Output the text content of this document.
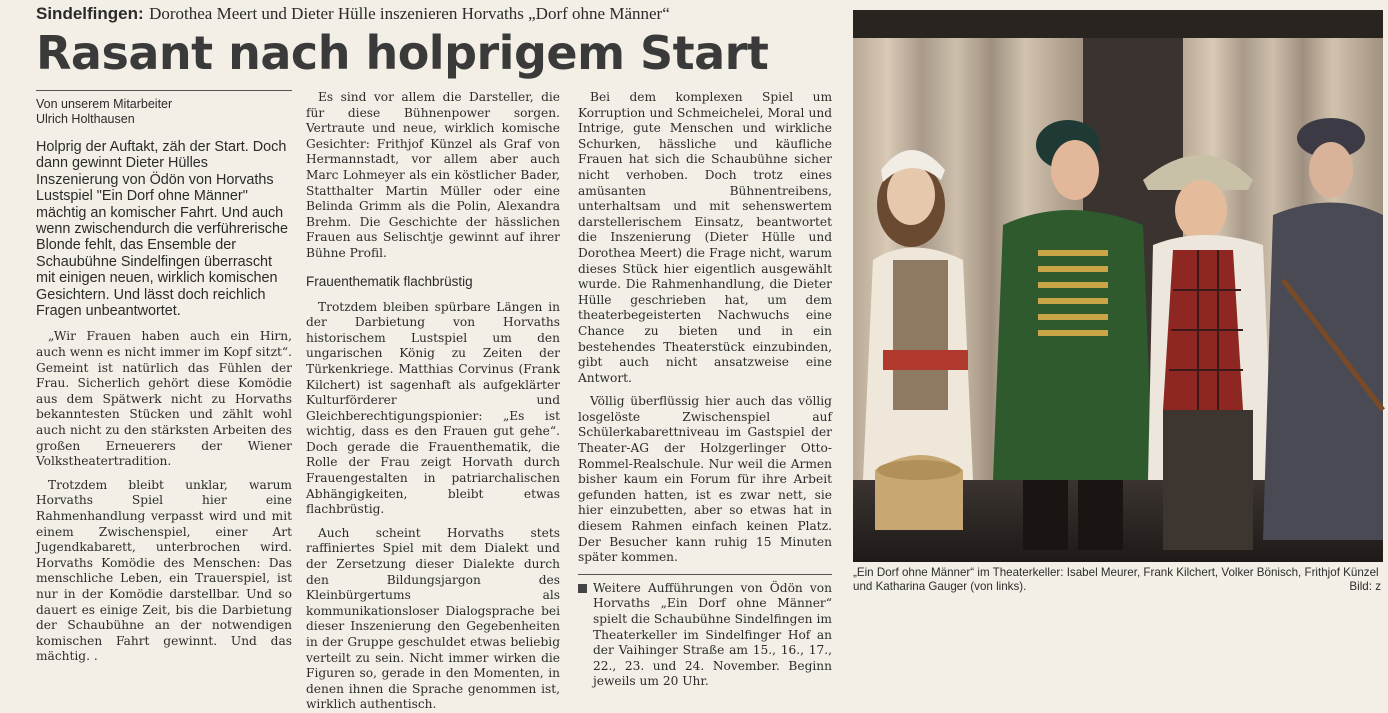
Sindelfingen: Dorothea Meert und Dieter Hülle inszenieren Horvaths „Dorf ohne Männer“
Rasant nach holprigem Start
Von unserem Mitarbeiter
Ulrich Holthausen
Holprig der Auftakt, zäh der Start. Doch dann gewinnt Dieter Hülles Inszenierung von Ödön von Horvaths Lustspiel "Ein Dorf ohne Männer" mächtig an komischer Fahrt. Und auch wenn zwischendurch die verführerische Blonde fehlt, das Ensemble der Schaubühne Sindelfingen überrascht mit einigen neuen, wirklich komischen Gesichtern. Und lässt doch reichlich Fragen unbeantwortet.

„Wir Frauen haben auch ein Hirn, auch wenn es nicht immer im Kopf sitzt“. Gemeint ist natürlich das Fühlen der Frau. Sicherlich gehört diese Komödie aus dem Spätwerk nicht zu Horvaths bekanntesten Stücken und zählt wohl auch nicht zu den stärksten Arbeiten des großen Erneuerers der Wiener Volkstheatertradition.

Trotzdem bleibt unklar, warum Horvaths Spiel hier eine Rahmenhandlung verpasst wird und mit einem Zwischenspiel, einer Art Jugendkabarett, unterbrochen wird. Horvaths Komödie des Menschen: Das menschliche Leben, ein Trauerspiel, ist nur in der Komödie darstellbar. Und so dauert es einige Zeit, bis die Darbietung der Schaubühne an der notwendigen komischen Fahrt gewinnt. Und das mächtig. .

Es sind vor allem die Darsteller, die für diese Bühnenpower sorgen. Vertraute und neue, wirklich komische Gesichter: Frithjof Künzel als Graf von Hermannstadt, vor allem aber auch Marc Lohmeyer als ein köstlicher Bader, Statthalter Martin Müller oder eine Belinda Grimm als die Polin, Alexandra Brehm. Die Geschichte der hässlichen Frauen aus Selischtje gewinnt auf ihrer Bühne Profil.

Frauenthematik flachbrüstig

Trotzdem bleiben spürbare Längen in der Darbietung von Horvaths historischem Lustspiel um den ungarischen König zu Zeiten der Türkenkriege. Matthias Corvinus (Frank Kilchert) ist sagenhaft als aufgeklärter Kulturförderer und Gleichberechtigungspionier: „Es ist wichtig, dass es den Frauen gut gehe“. Doch gerade die Frauenthematik, die Rolle der Frau zeigt Horvath durch Frauengestalten in patriarchalischen Abhängigkeiten, bleibt etwas flachbrüstig.

Auch scheint Horvaths stets raffiniertes Spiel mit dem Dialekt und der Zersetzung dieser Dialekte durch den Bildungsjargon des Kleinbürgertums als kommunikationsloser Dialogsprache bei dieser Inszenierung den Gegebenheiten in der Gruppe geschuldet etwas beliebig verteilt zu sein. Nicht immer wirken die Figuren so, gerade in den Momenten, in denen ihnen die Sprache genommen ist, wirklich authentisch.

Bei dem komplexen Spiel um Korruption und Schmeichelei, Moral und Intrige, gute Menschen und wirkliche Schurken, hässliche und käufliche Frauen hat sich die Schaubühne sicher nicht verhoben. Doch trotz eines amüsanten Bühnentreibens, unterhaltsam und mit sehenswertem darstellerischem Einsatz, beantwortet die Inszenierung (Dieter Hülle und Dorothea Meert) die Frage nicht, warum dieses Stück hier eigentlich ausgewählt wurde. Die Rahmenhandlung, die Dieter Hülle geschrieben hat, um dem theaterbegeisterten Nachwuchs eine Chance zu bieten und in ein bestehendes Theaterstück einzubinden, gibt auch nicht ansatzweise eine Antwort.

Völlig überflüssig hier auch das völlig losgelöste Zwischenspiel auf Schülerkabarettniveau im Gastspiel der Theater-AG der Holzgerlinger Otto-Rommel-Realschule. Nur weil die Armen bisher kaum ein Forum für ihre Arbeit gefunden hatten, ist es zwar nett, sie hier einzubetten, aber so etwas hat in diesem Rahmen einfach keinen Platz. Der Besucher kann ruhig 15 Minuten später kommen.

Weitere Aufführungen von Ödön von Horvaths „Ein Dorf ohne Männer“ spielt die Schaubühne Sindelfingen im Theaterkeller im Sindelfinger Hof an der Vaihinger Straße am 15., 16., 17., 22., 23. und 24. November. Beginn jeweils um 20 Uhr.
„Ein Dorf ohne Männer“ im Theaterkeller: Isabel Meurer, Frank Kilchert, Volker Bönisch, Frithjof Künzel und Katharina Gauger (von links).	Bild: z
